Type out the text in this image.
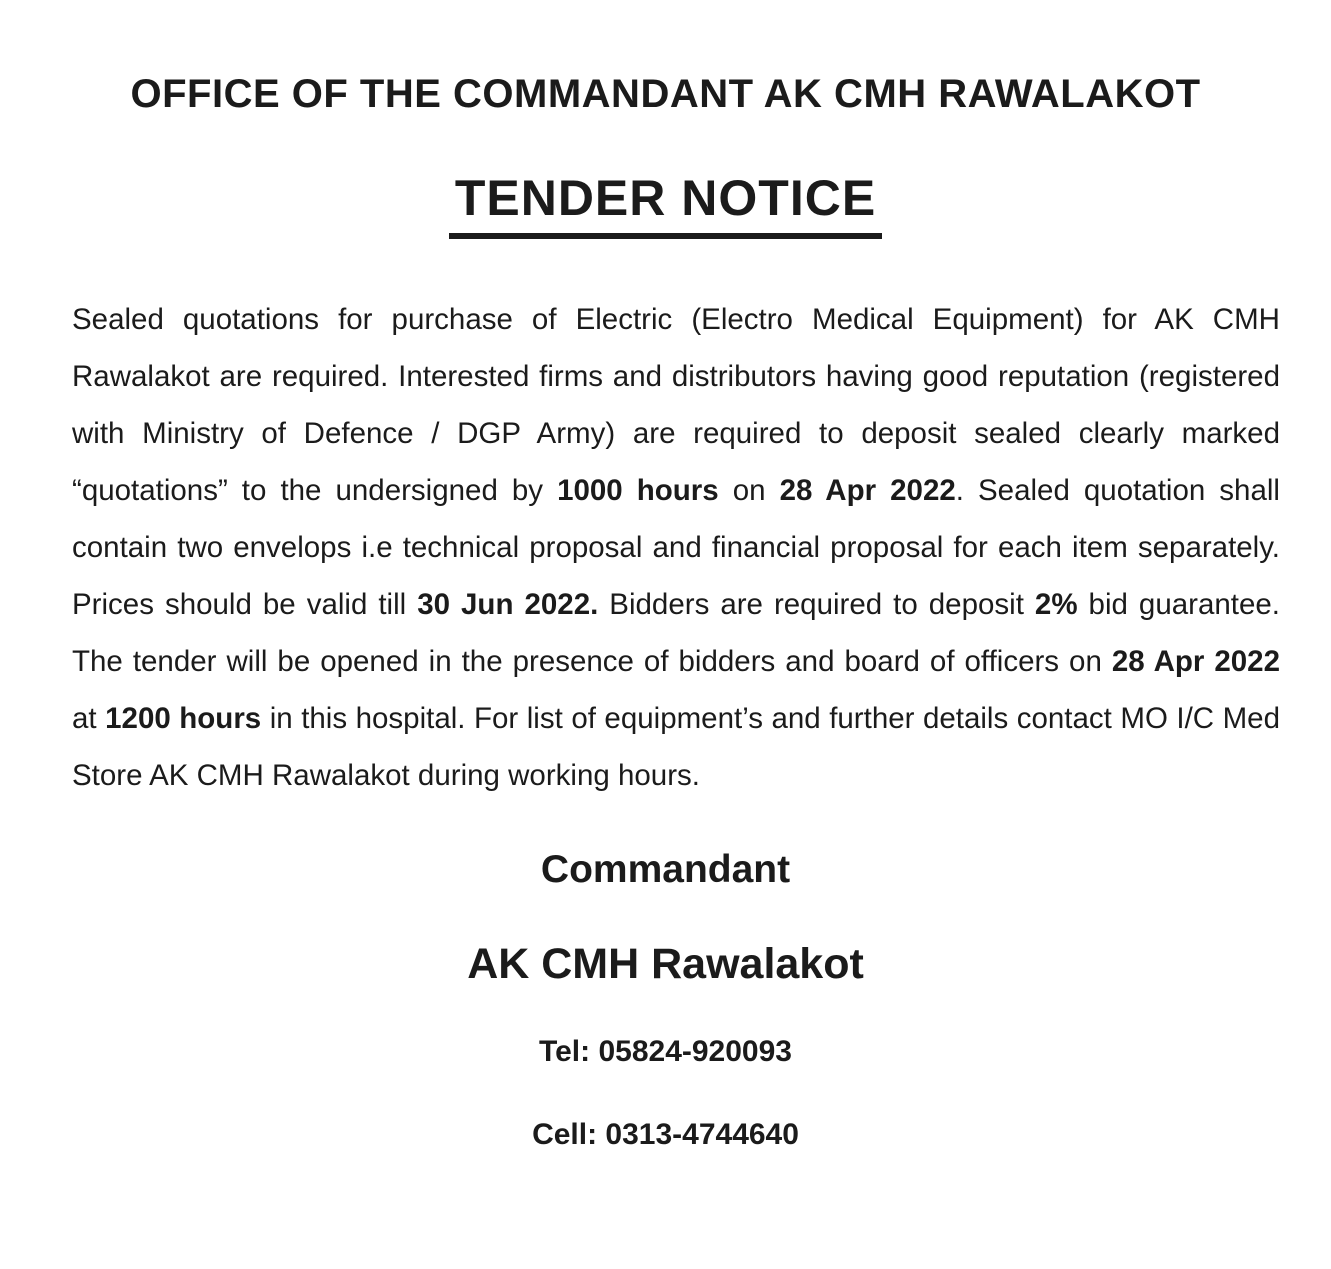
OFFICE OF THE COMMANDANT AK CMH RAWALAKOT
TENDER NOTICE

Sealed quotations for purchase of Electric (Electro Medical Equipment) for AK CMH Rawalakot are required. Interested firms and distributors having good reputation (registered with Ministry of Defence / DGP Army) are required to deposit sealed clearly marked “quotations” to the undersigned by 1000 hours on 28 Apr 2022. Sealed quotation shall contain two envelops i.e technical proposal and financial proposal for each item separately. Prices should be valid till 30 Jun 2022. Bidders are required to deposit 2% bid guarantee. The tender will be opened in the presence of bidders and board of officers on 28 Apr 2022 at 1200 hours in this hospital. For list of equipment’s and further details contact MO I/C Med Store AK CMH Rawalakot during working hours.

Commandant
AK CMH Rawalakot
Tel: 05824-920093
Cell: 0313-4744640
